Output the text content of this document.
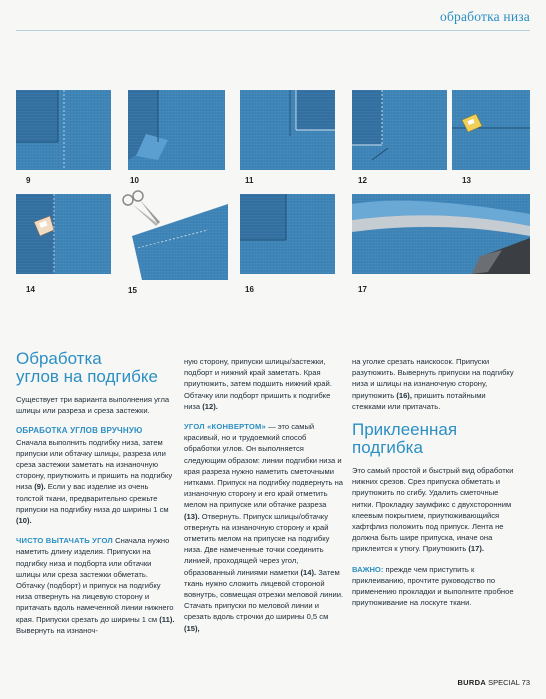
обработка низа
9	10	11	12	13
14	15	16	17
Обработка
углов на подгибке

Существует три варианта выполнения угла шлицы или разреза и среза застежки.

ОБРАБОТКА УГЛОВ ВРУЧНУЮ

Сначала выполнить подгибку низа, затем припуски или обтачку шлицы, разреза или среза застежки заметать на изнаночную сторону, приутюжить и пришить на подгибку низа (9). Если у вас изделие из очень толстой ткани, предварительно срежьте припуски на подгибку низа до ширины 1 см (10).

ЧИСТО ВЫТАЧАТЬ УГОЛ Сначала нужно наметить длину изделия. Припуски на подгибку низа и подборта или обтачки шлицы или среза застежки обметать. Обтачку (подборт) и припуск на подгибку низа отвернуть на лицевую сторону и притачать вдоль намеченной линии нижнего края. Припуски срезать до ширины 1 см (11). Вывернуть на изнаноч-

ную сторону, припуски шлицы/застежки, подборт и нижний край заметать. Края приутюжить, затем подшить нижний край. Обтачку или подборт пришить к подгибке низа (12).

УГОЛ «КОНВЕРТОМ» — это самый красивый, но и трудоемкий способ обработки углов. Он выполняется следующим образом: линии подгибки низа и края разреза нужно наметить сметочными нитками. Припуск на подгибку подвернуть на изнаночную сторону и его край отметить мелом на припуске или обтачке разреза (13). Отвернуть. Припуск шлицы/обтачку отвернуть на изнаночную сторону и край отметить мелом на припуске на подгибку низа. Две намеченные точки соединить линией, проходящей через угол, образованный линиями наметки (14). Затем ткань нужно сложить лицевой стороной вовнутрь, совмещая отрезки меловой линии. Стачать припуски по меловой линии и срезать вдоль строчки до ширины 0,5 см (15),

на уголке срезать наискосок. Припуски разутюжить. Вывернуть припуски на подгибку низа и шлицы на изнаночную сторону, приутюжить (16), пришить потайными стежками или притачать.

Приклеенная
подгибка

Это самый простой и быстрый вид обработки нижних срезов. Срез припуска обметать и приутюжить по сгибу. Удалить сметочные нитки. Прокладку заумфикс с двухсторонним клеевым покрытием, приутюживающийся хафтфлиз положить под припуск. Лента не должна быть шире припуска, иначе она приклеится к утюгу. Приутюжить (17).

ВАЖНО: прежде чем приступить к приклеиванию, прочтите руководство по применению прокладки и выполните пробное приутюживание на лоскуте ткани.

BURDA SPECIAL 73
